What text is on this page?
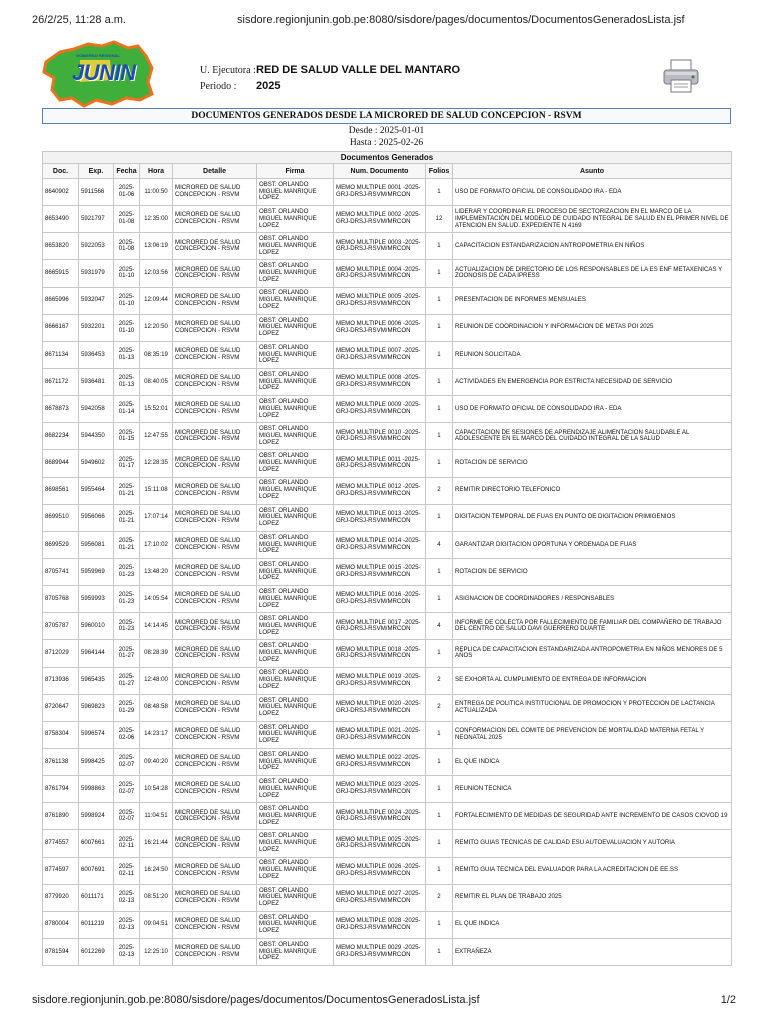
26/2/25, 11:28 a.m.	sisdore.regionjunin.gob.pe:8080/sisdore/pages/documentos/DocumentosGeneradosLista.jsf
GOBIERNO REGIONAL
JUNIN	U. Ejecutora : RED DE SALUD VALLE DEL MANTARO
Periodo : 2025
DOCUMENTOS GENERADOS DESDE LA MICRORED DE SALUD CONCEPCION - RSVM
Desde : 2025-01-01
Hasta : 2025-02-26
Documentos Generados								
Doc.	Exp.	Fecha	Hora	Detalle	Firma	Num. Documento	Folios	Asunto
8640902	5911566	2025-
01-06	11:00:50	MICRORED DE SALUD CONCEPCION - RSVM	OBST. ORLANDO MIGUEL MANRIQUE LOPEZ	MEMO MULTIPLE 0001 -2025-GRJ-DRSJ-RSVM/MRCON	1	USO DE FORMATO OFICIAL DE CONSOLIDADO IRA - EDA
8653490	5921797	2025-
01-08	12:35:00	MICRORED DE SALUD CONCEPCION - RSVM	OBST. ORLANDO MIGUEL MANRIQUE LOPEZ	MEMO MULTIPLE 0002 -2025-GRJ-DRSJ-RSVM/MRCON	12	LIDERAR Y COORDINAR EL PROCESO DE SECTORIZACION EN EL MARCO DE LA IMPLEMENTACIÓN DEL MODELO DE CUIDADO INTEGRAL DE SALUD EN EL PRIMER NIVEL DE ATENCION EN SALUD. EXPEDIENTE N 4169
8653820	5922053	2025-
01-08	13:06:19	MICRORED DE SALUD CONCEPCION - RSVM	OBST. ORLANDO MIGUEL MANRIQUE LOPEZ	MEMO MULTIPLE 0003 -2025-GRJ-DRSJ-RSVM/MRCON	1	CAPACITACION ESTANDARIZACION ANTROPOMETRIA EN NIÑOS
8665915	5931979	2025-
01-10	12:03:56	MICRORED DE SALUD CONCEPCION - RSVM	OBST. ORLANDO MIGUEL MANRIQUE LOPEZ	MEMO MULTIPLE 0004 -2025-GRJ-DRSJ-RSVM/MRCON	1	ACTUALIZACION DE DIRECTORIO DE LOS RESPONSABLES DE LA ES ENF METAXENICAS Y ZOONOSIS DE CADA IPRESS
8665996	5932047	2025-
01-10	12:09:44	MICRORED DE SALUD CONCEPCION - RSVM	OBST. ORLANDO MIGUEL MANRIQUE LOPEZ	MEMO MULTIPLE 0005 -2025-GRJ-DRSJ-RSVM/MRCON	1	PRESENTACION DE INFORMES MENSUALES
8666167	5932201	2025-
01-10	12:20:50	MICRORED DE SALUD CONCEPCION - RSVM	OBST. ORLANDO MIGUEL MANRIQUE LOPEZ	MEMO MULTIPLE 0006 -2025-GRJ-DRSJ-RSVM/MRCON	1	REUNION DE COORDINACION Y INFORMACION DE METAS POI 2025
8671134	5936453	2025-
01-13	08:35:19	MICRORED DE SALUD CONCEPCION - RSVM	OBST. ORLANDO MIGUEL MANRIQUE LOPEZ	MEMO MULTIPLE 0007 -2025-GRJ-DRSJ-RSVM/MRCON	1	REUNION SOLICITADA
8671172	5936481	2025-
01-13	08:40:05	MICRORED DE SALUD CONCEPCION - RSVM	OBST. ORLANDO MIGUEL MANRIQUE LOPEZ	MEMO MULTIPLE 0008 -2025-GRJ-DRSJ-RSVM/MRCON	1	ACTIVIDADES EN EMERGENCIA POR ESTRICTA NECESIDAD DE SERVICIO
8678873	5942058	2025-
01-14	15:52:01	MICRORED DE SALUD CONCEPCION - RSVM	OBST. ORLANDO MIGUEL MANRIQUE LOPEZ	MEMO MULTIPLE 0009 -2025-GRJ-DRSJ-RSVM/MRCON	1	USO DE FORMATO OFICIAL DE CONSOLIDADO IRA - EDA
8682234	5944350	2025-
01-15	12:47:55	MICRORED DE SALUD CONCEPCION - RSVM	OBST. ORLANDO MIGUEL MANRIQUE LOPEZ	MEMO MULTIPLE 0010 -2025-GRJ-DRSJ-RSVM/MRCON	1	CAPACITACION DE SESIONES DE APRENDIZAJE ALIMENTACION SALUDABLE AL ADOLESCENTE EN EL MARCO DEL CUIDADO INTEGRAL DE LA SALUD
8689944	5949602	2025-
01-17	12:28:35	MICRORED DE SALUD CONCEPCION - RSVM	OBST. ORLANDO MIGUEL MANRIQUE LOPEZ	MEMO MULTIPLE 0011 -2025-GRJ-DRSJ-RSVM/MRCON	1	ROTACION DE SERVICIO
8698561	5955464	2025-
01-21	15:11:08	MICRORED DE SALUD CONCEPCION - RSVM	OBST. ORLANDO MIGUEL MANRIQUE LOPEZ	MEMO MULTIPLE 0012 -2025-GRJ-DRSJ-RSVM/MRCON	2	REMITIR DIRECTORIO TELEFONICO
8699510	5956066	2025-
01-21	17:07:14	MICRORED DE SALUD CONCEPCION - RSVM	OBST. ORLANDO MIGUEL MANRIQUE LOPEZ	MEMO MULTIPLE 0013 -2025-GRJ-DRSJ-RSVM/MRCON	1	DIGITACION TEMPORAL DE FUAS EN PUNTO DE DIGITACION PRIMIGENIOS
8699529	5956081	2025-
01-21	17:10:02	MICRORED DE SALUD CONCEPCION - RSVM	OBST. ORLANDO MIGUEL MANRIQUE LOPEZ	MEMO MULTIPLE 0014 -2025-GRJ-DRSJ-RSVM/MRCON	4	GARANTIZAR DIGITACION OPORTUNA Y ORDENADA DE FUAS
8705741	5959969	2025-
01-23	13:48:20	MICRORED DE SALUD CONCEPCION - RSVM	OBST. ORLANDO MIGUEL MANRIQUE LOPEZ	MEMO MULTIPLE 0015 -2025-GRJ-DRSJ-RSVM/MRCON	1	ROTACION DE SERVICIO
8705768	5959993	2025-
01-23	14:05:54	MICRORED DE SALUD CONCEPCION - RSVM	OBST. ORLANDO MIGUEL MANRIQUE LOPEZ	MEMO MULTIPLE 0016 -2025-GRJ-DRSJ-RSVM/MRCON	1	ASIGNACION DE COORDINADORES / RESPONSABLES
8705787	5960010	2025-
01-23	14:14:45	MICRORED DE SALUD CONCEPCION - RSVM	OBST. ORLANDO MIGUEL MANRIQUE LOPEZ	MEMO MULTIPLE 0017 -2025-GRJ-DRSJ-RSVM/MRCON	4	INFORME DE COLECTA POR FALLECIMIENTO DE FAMILIAR DEL COMPAÑERO DE TRABAJO DEL CENTRO DE SALUD DAVI GUERRERO DUARTE
8712029	5964144	2025-
01-27	08:28:39	MICRORED DE SALUD CONCEPCION - RSVM	OBST. ORLANDO MIGUEL MANRIQUE LOPEZ	MEMO MULTIPLE 0018 -2025-GRJ-DRSJ-RSVM/MRCON	1	REPLICA DE CAPACITACION ESTANDARIZADA ANTROPOMETRIA EN NIÑOS MENORES DE 5 AÑOS
8713936	5965435	2025-
01-27	12:48:00	MICRORED DE SALUD CONCEPCION - RSVM	OBST. ORLANDO MIGUEL MANRIQUE LOPEZ	MEMO MULTIPLE 0019 -2025-GRJ-DRSJ-RSVM/MRCON	2	SE EXHORTA AL CUMPLIMIENTO DE ENTREGA DE INFORMACION
8720647	5969823	2025-
01-29	08:48:58	MICRORED DE SALUD CONCEPCION - RSVM	OBST. ORLANDO MIGUEL MANRIQUE LOPEZ	MEMO MULTIPLE 0020 -2025-GRJ-DRSJ-RSVM/MRCON	2	ENTREGA DE POLITICA INSTITUCIONAL DE PROMOCION Y PROTECCION DE LACTANCIA ACTUALIZADA
8758304	5996574	2025-
02-06	14:23:17	MICRORED DE SALUD CONCEPCION - RSVM	OBST. ORLANDO MIGUEL MANRIQUE LOPEZ	MEMO MULTIPLE 0021 -2025-GRJ-DRSJ-RSVM/MRCON	1	CONFORMACION DEL COMITE DE PREVENCION DE MORTALIDAD MATERNA FETAL Y NEONATAL 2025
8761138	5998425	2025-
02-07	09:40:20	MICRORED DE SALUD CONCEPCION - RSVM	OBST. ORLANDO MIGUEL MANRIQUE LOPEZ	MEMO MULTIPLE 0022 -2025-GRJ-DRSJ-RSVM/MRCON	1	EL QUE INDICA
8761794	5998863	2025-
02-07	10:54:28	MICRORED DE SALUD CONCEPCION - RSVM	OBST. ORLANDO MIGUEL MANRIQUE LOPEZ	MEMO MULTIPLE 0023 -2025-GRJ-DRSJ-RSVM/MRCON	1	REUNION TECNICA
8761890	5998924	2025-
02-07	11:04:51	MICRORED DE SALUD CONCEPCION - RSVM	OBST. ORLANDO MIGUEL MANRIQUE LOPEZ	MEMO MULTIPLE 0024 -2025-GRJ-DRSJ-RSVM/MRCON	1	FORTALECIMIENTO DE MEDIDAS DE SEGURIDAD ANTE INCREMENTO DE CASOS CIOVOD 19
8774557	6007661	2025-
02-11	16:21:44	MICRORED DE SALUD CONCEPCION - RSVM	OBST. ORLANDO MIGUEL MANRIQUE LOPEZ	MEMO MULTIPLE 0025 -2025-GRJ-DRSJ-RSVM/MRCON	1	REMITO GUIAS TECNICAS DE CALIDAD ESU AUTOEVALUACION Y AUTORIA
8774597	6007691	2025-
02-11	16:24:50	MICRORED DE SALUD CONCEPCION - RSVM	OBST. ORLANDO MIGUEL MANRIQUE LOPEZ	MEMO MULTIPLE 0026 -2025-GRJ-DRSJ-RSVM/MRCON	1	REMITO GUIA TECNICA DEL EVALUADOR PARA LA ACREDITACION DE EE.SS
8779920	6011171	2025-
02-13	08:51:20	MICRORED DE SALUD CONCEPCION - RSVM	OBST. ORLANDO MIGUEL MANRIQUE LOPEZ	MEMO MULTIPLE 0027 -2025-GRJ-DRSJ-RSVM/MRCON	2	REMITIR EL PLAN DE TRABAJO 2025
8780004	6011219	2025-
02-13	09:04:51	MICRORED DE SALUD CONCEPCION - RSVM	OBST. ORLANDO MIGUEL MANRIQUE LOPEZ	MEMO MULTIPLE 0028 -2025-GRJ-DRSJ-RSVM/MRCON	1	EL QUE INDICA
8781594	6012269	2025-
02-13	12:25:10	MICRORED DE SALUD CONCEPCION - RSVM	OBST. ORLANDO MIGUEL MANRIQUE LOPEZ	MEMO MULTIPLE 0029 -2025-GRJ-DRSJ-RSVM/MRCON	1	EXTRAÑEZA
sisdore.regionjunin.gob.pe:8080/sisdore/pages/documentos/DocumentosGeneradosLista.jsf	1/2
